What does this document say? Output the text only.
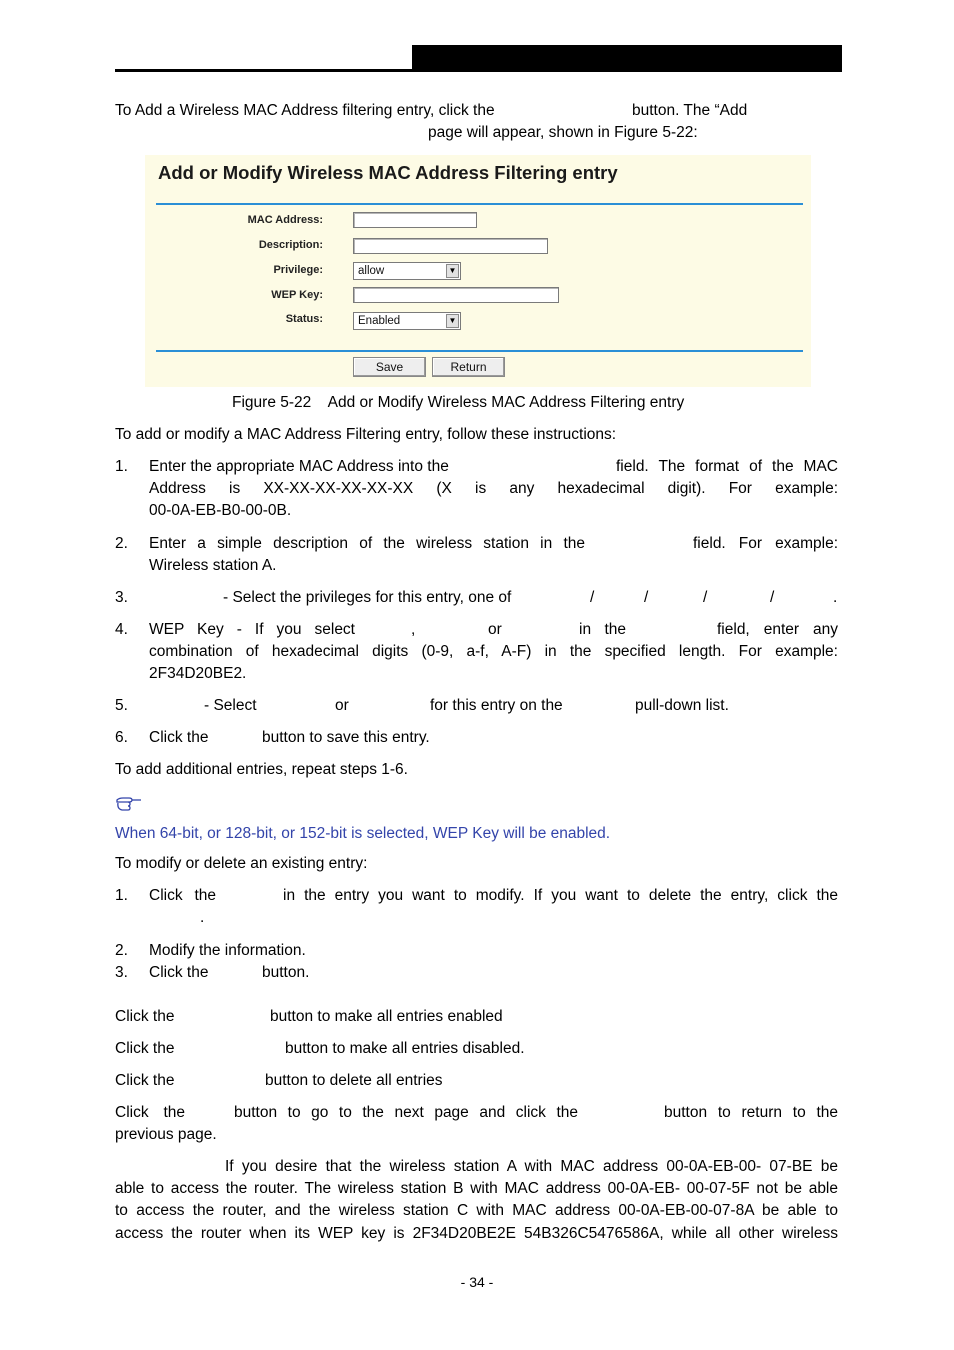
To Add a Wireless MAC Address filtering entry, click the	button. The “Add
page will appear, shown in Figure 5-22:
Add or Modify Wireless MAC Address Filtering entry
MAC Address:
Description:
Privilege:	allow	▼
WEP Key:
Status:	Enabled	▼
Save	Return
Figure 5-22    Add or Modify Wireless MAC Address Filtering entry
To add or modify a MAC Address Filtering entry, follow these instructions:
1. Enter the appropriate MAC Address into the	field. The format of the MAC
Address is XX-XX-XX-XX-XX-XX (X is any hexadecimal digit). For example:
00-0A-EB-B0-00-0B.
2. Enter a simple description of the wireless station in the	field. For example:
Wireless station A.
3.	- Select the privileges for this entry, one of	/	/	/	/	.
4. WEP Key - If you select	,	or	in the	field, enter any
combination of hexadecimal digits (0-9, a-f, A-F) in the specified length. For example:
2F34D20BE2.
5.	- Select	or	for this entry on the	pull-down list.
6. Click the	button to save this entry.
To add additional entries, repeat steps 1-6.
When 64-bit, or 128-bit, or 152-bit is selected, WEP Key will be enabled.
To modify or delete an existing entry:
1. Click the	in the entry you want to modify. If you want to delete the entry, click the
.
2. Modify the information.
3. Click the	button.
Click the	button to make all entries enabled
Click the	button to make all entries disabled.
Click the	button to delete all entries
Click the	button to go to the next page and click the	button to return to the
previous page.
If you desire that the wireless station A with MAC address 00-0A-EB-00- 07-BE be
able to access the router. The wireless station B with MAC address 00-0A-EB- 00-07-5F not be able
to access the router, and the wireless station C with MAC address 00-0A-EB-00-07-8A be able to
access the router when its WEP key is 2F34D20BE2E 54B326C5476586A, while all other wireless
- 34 -
